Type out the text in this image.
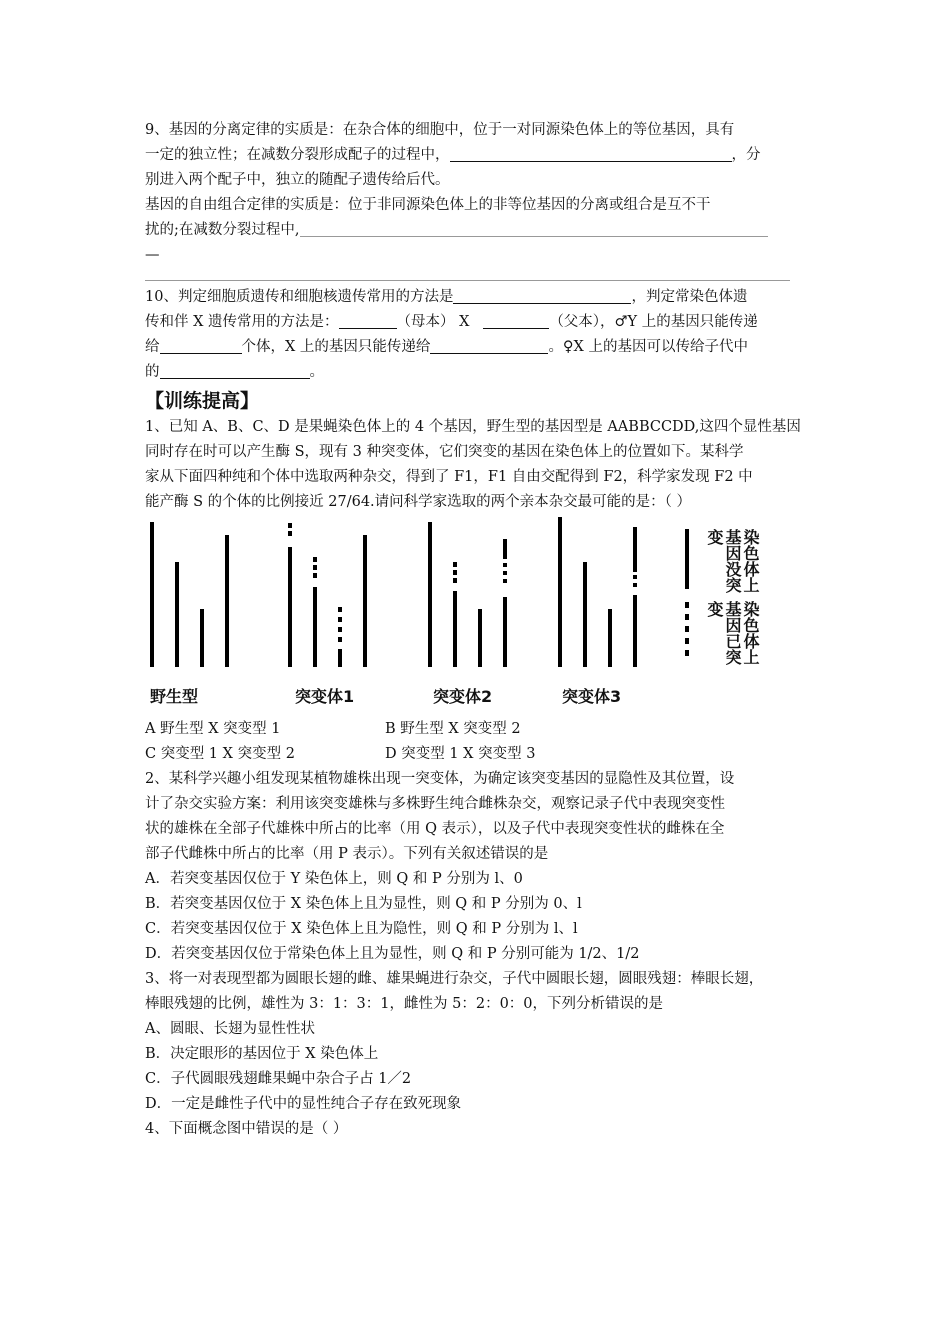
9、基因的分离定律的实质是：在杂合体的细胞中，位于一对同源染色体上的等位基因，具有

一定的独立性；在减数分裂形成配子的过程中，	，分

别进入两个配子中，独立的随配子遗传给后代。

基因的自由组合定律的实质是：位于非同源染色体上的非等位基因的分离或组合是互不干

扰的;在减数分裂过程中,

—

10、判定细胞质遗传和细胞核遗传常用的方法是	，判定常染色体遗

传和伴 X 遗传常用的方法是：	（母本） X	（父本），♂Y 上的基因只能传递

给	个体，X 上的基因只能传递给	。♀X 上的基因可以传给子代中

的	。

【训练提高】

1、已知 A、B、C、D 是果蝇染色体上的 4 个基因，野生型的基因型是 AABBCCDD,这四个显性基因

同时存在时可以产生酶 S，现有 3 种突变体，它们突变的基因在染色体上的位置如下。某科学

家从下面四种纯和个体中选取两种杂交，得到了 F1，F1 自由交配得到 F2，科学家发现 F2 中

能产酶 S 的个体的比例接近 27/64.请问科学家选取的两个亲本杂交最可能的是：（ ）

染色体上基因没突变
染色体上基因已突变
野生型	突变体1	突变体2	突变体3

A 野生型 X 突变型 1	B 野生型 X 突变型 2

C 突变型 1 X 突变型 2	D 突变型 1 X 突变型 3

2、某科学兴趣小组发现某植物雄株出现一突变体，为确定该突变基因的显隐性及其位置，设

计了杂交实验方案：利用该突变雄株与多株野生纯合雌株杂交，观察记录子代中表现突变性

状的雄株在全部子代雄株中所占的比率（用 Q 表示），以及子代中表现突变性状的雌株在全

部子代雌株中所占的比率（用 P 表示）。下列有关叙述错误的是

A．若突变基因仅位于 Y 染色体上，则 Q 和 P 分别为 l、0

B．若突变基因仅位于 X 染色体上且为显性，则 Q 和 P 分别为 0、l

C．若突变基因仅位于 X 染色体上且为隐性，则 Q 和 P 分别为 l、l

D．若突变基因仅位于常染色体上且为显性，则 Q 和 P 分别可能为 1/2、1/2

3、将一对表现型都为圆眼长翅的雌、雄果蝇进行杂交，子代中圆眼长翅，圆眼残翅：棒眼长翅，

棒眼残翅的比例，雄性为 3：1：3：1，雌性为 5：2：0：0，下列分析错误的是

A、圆眼、长翅为显性性状

B．决定眼形的基因位于 X 染色体上

C．子代圆眼残翅雌果蝇中杂合子占 1／2

D．一定是雌性子代中的显性纯合子存在致死现象

4、下面概念图中错误的是（ ）
